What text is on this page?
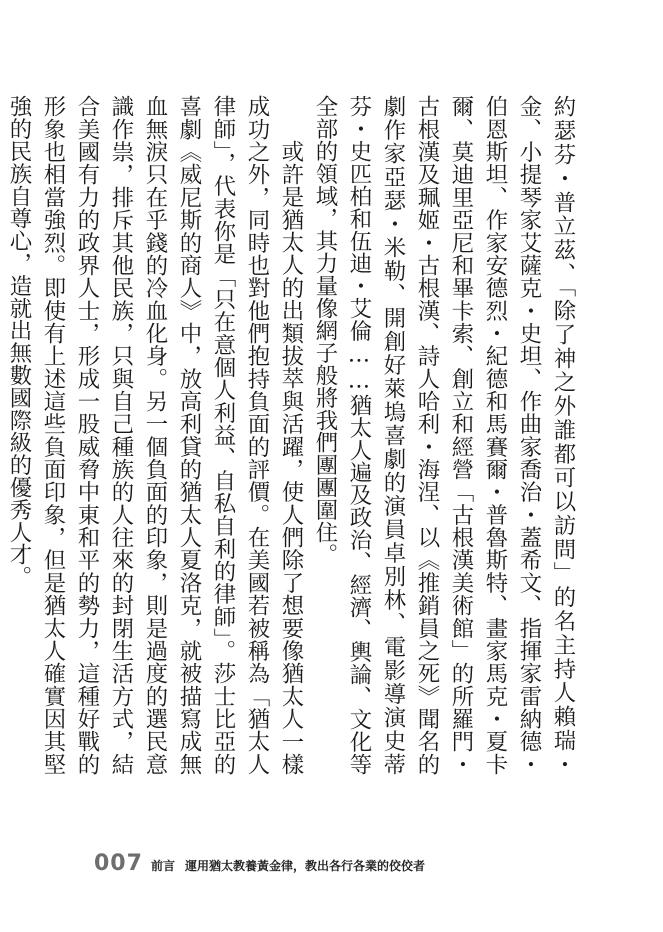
約瑟芬・普立茲、「除了神之外誰都可以訪問」的名主持人賴瑞・金、小提琴家艾薩克・史坦、作曲家喬治・蓋希文、指揮家雷納德・伯恩斯坦、作家安德烈・紀德和馬賽爾・普魯斯特、畫家馬克・夏卡爾、莫迪里亞尼和畢卡索、創立和經營「古根漢美術館」的所羅門・古根漢及珮姬・古根漢、詩人哈利・海涅、以《推銷員之死》聞名的劇作家亞瑟・米勒、開創好萊塢喜劇的演員卓別林、電影導演史蒂芬・史匹柏和伍迪・艾倫……猶太人遍及政治、經濟、輿論、文化等全部的領域，其力量像網子般將我們團團圍住。

或許是猶太人的出類拔萃與活躍，使人們除了想要像猶太人一樣成功之外，同時也對他們抱持負面的評價。在美國若被稱為「猶太人律師」，代表你是「只在意個人利益、自私自利的律師」。莎士比亞的喜劇《威尼斯的商人》中，放高利貸的猶太人夏洛克，就被描寫成無血無淚只在乎錢的冷血化身。另一個負面的印象，則是過度的選民意識作祟，排斥其他民族，只與自己種族的人往來的封閉生活方式，結合美國有力的政界人士，形成一股威脅中東和平的勢力，這種好戰的形象也相當強烈。即使有上述這些負面印象，但是猶太人確實因其堅強的民族自尊心，造就出無數國際級的優秀人才。

007 前言 運用猶太教養黃金律，教出各行各業的佼佼者
